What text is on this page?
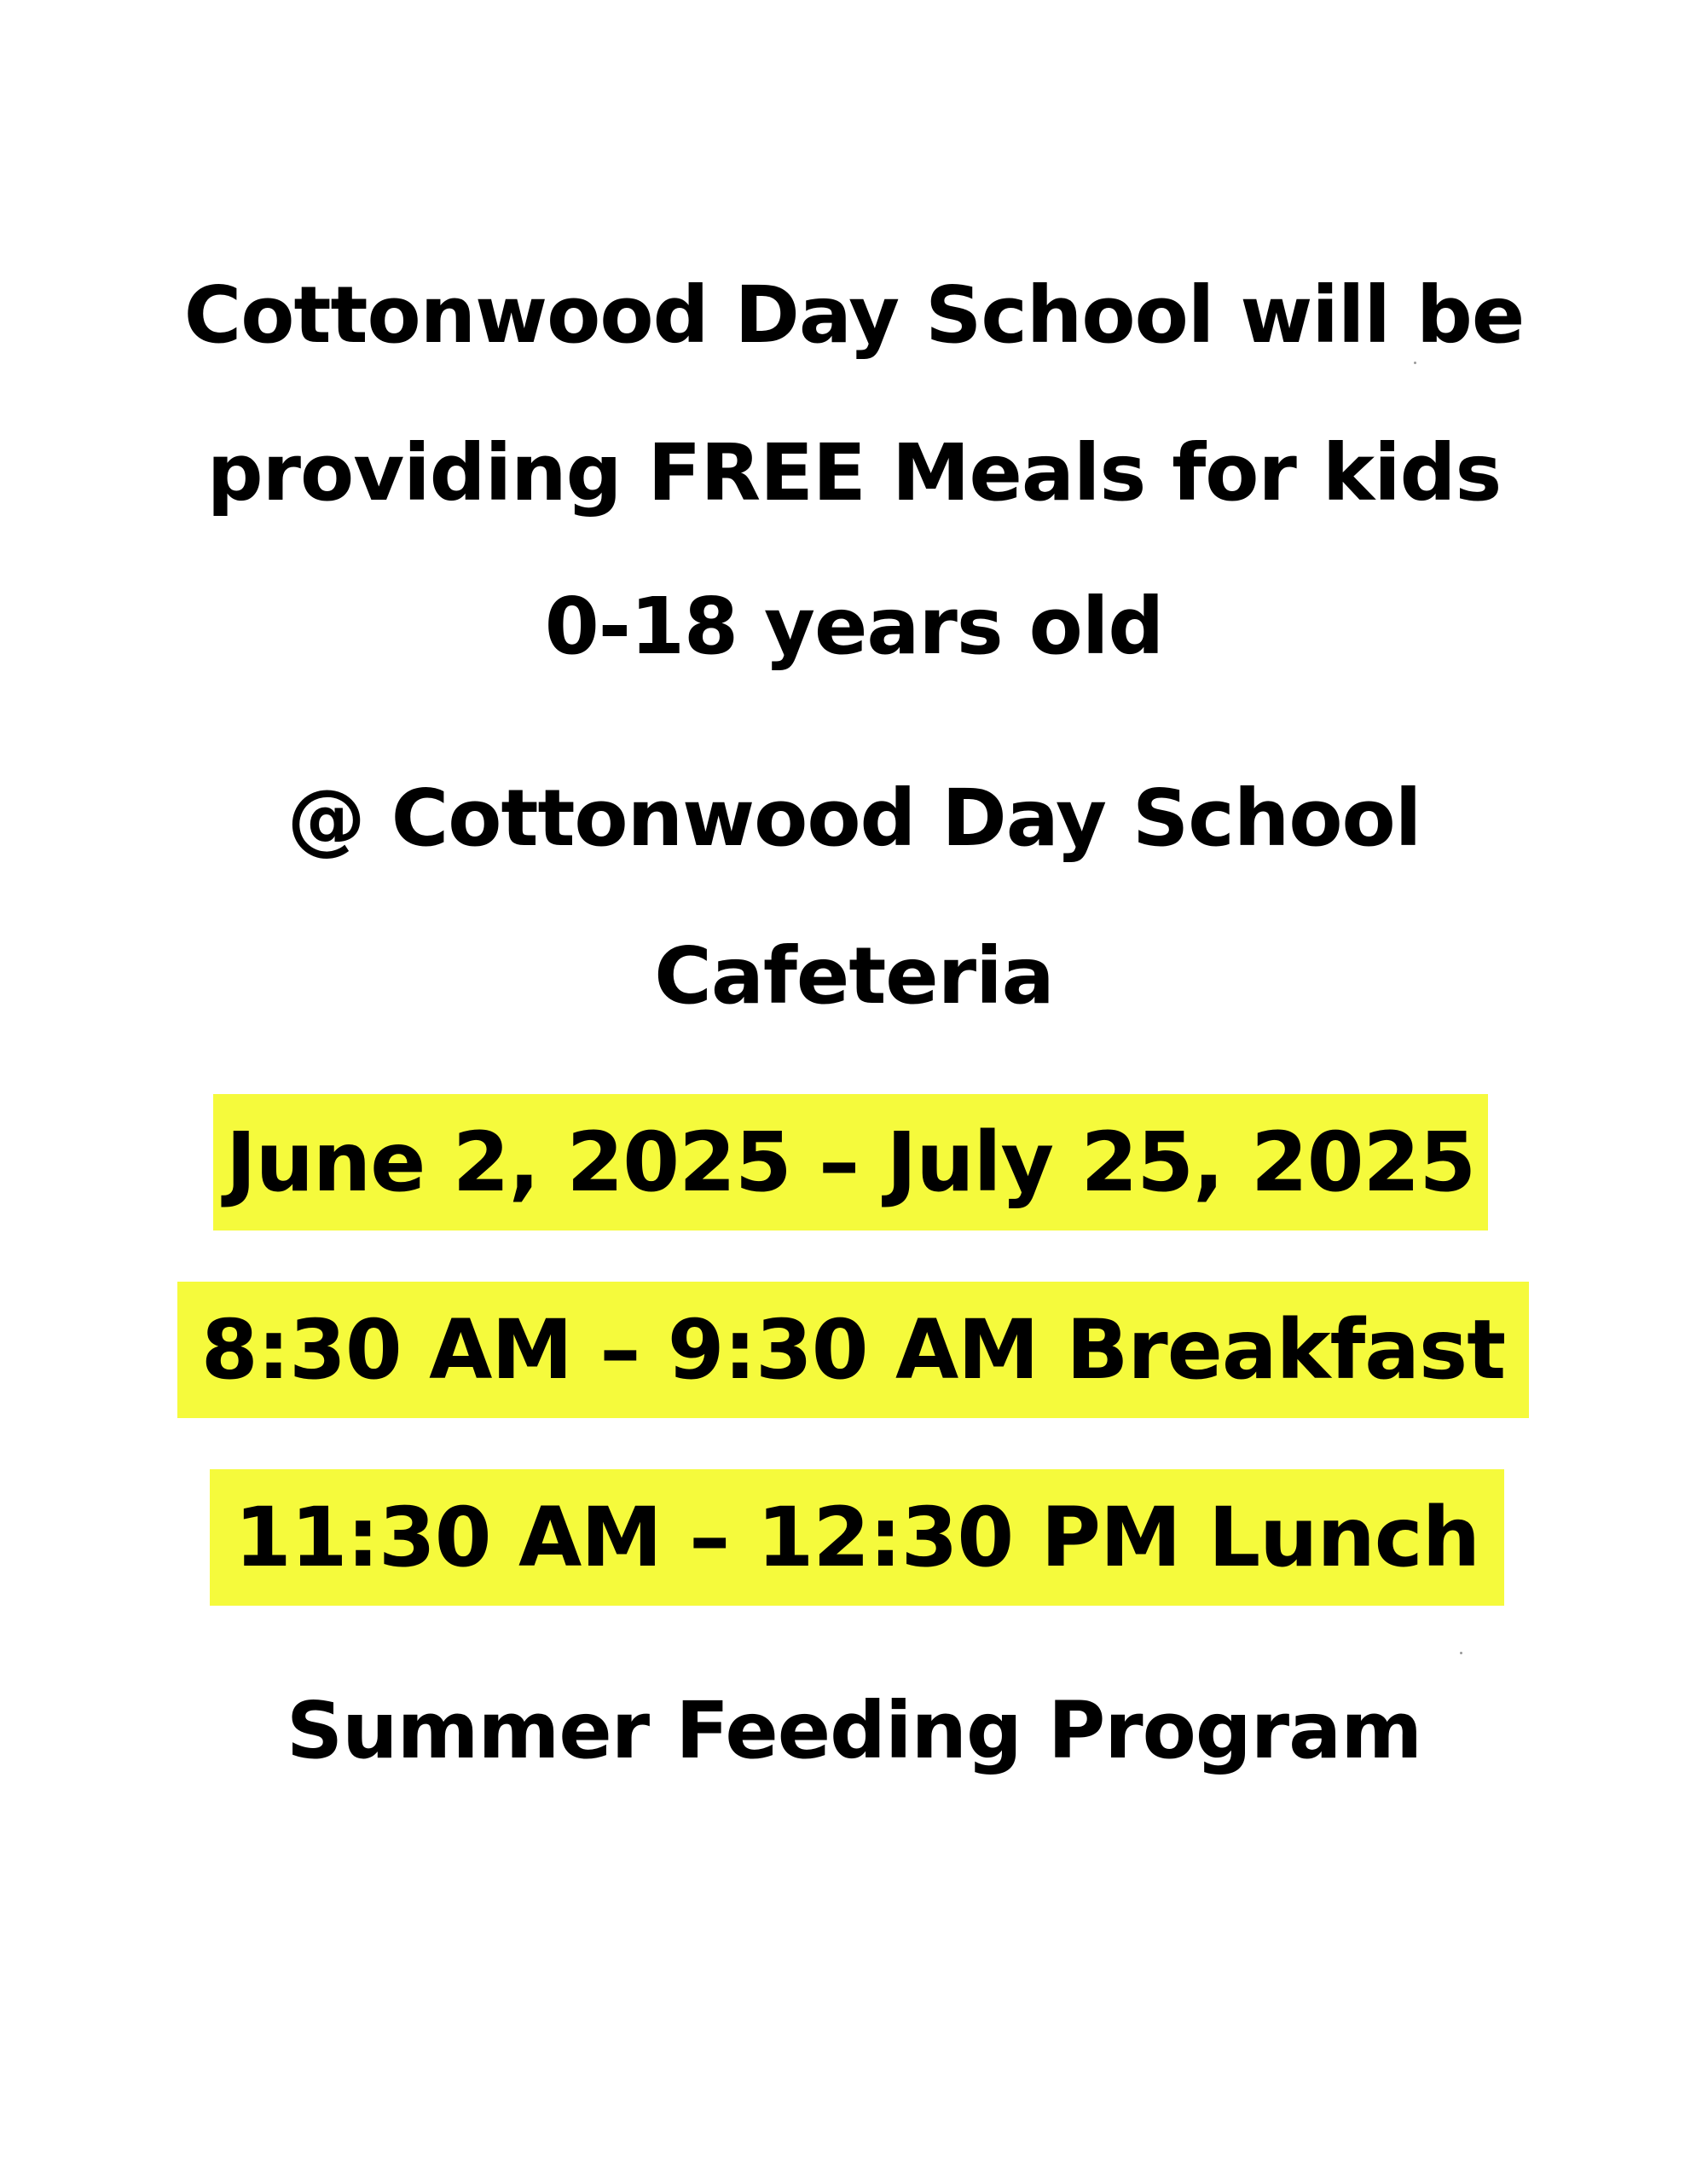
Cottonwood Day School will be
providing FREE Meals for kids
0-18 years old
@ Cottonwood Day School
Cafeteria
June 2, 2025 – July 25, 2025
8:30 AM – 9:30 AM Breakfast
11:30 AM – 12:30 PM Lunch
Summer Feeding Program
